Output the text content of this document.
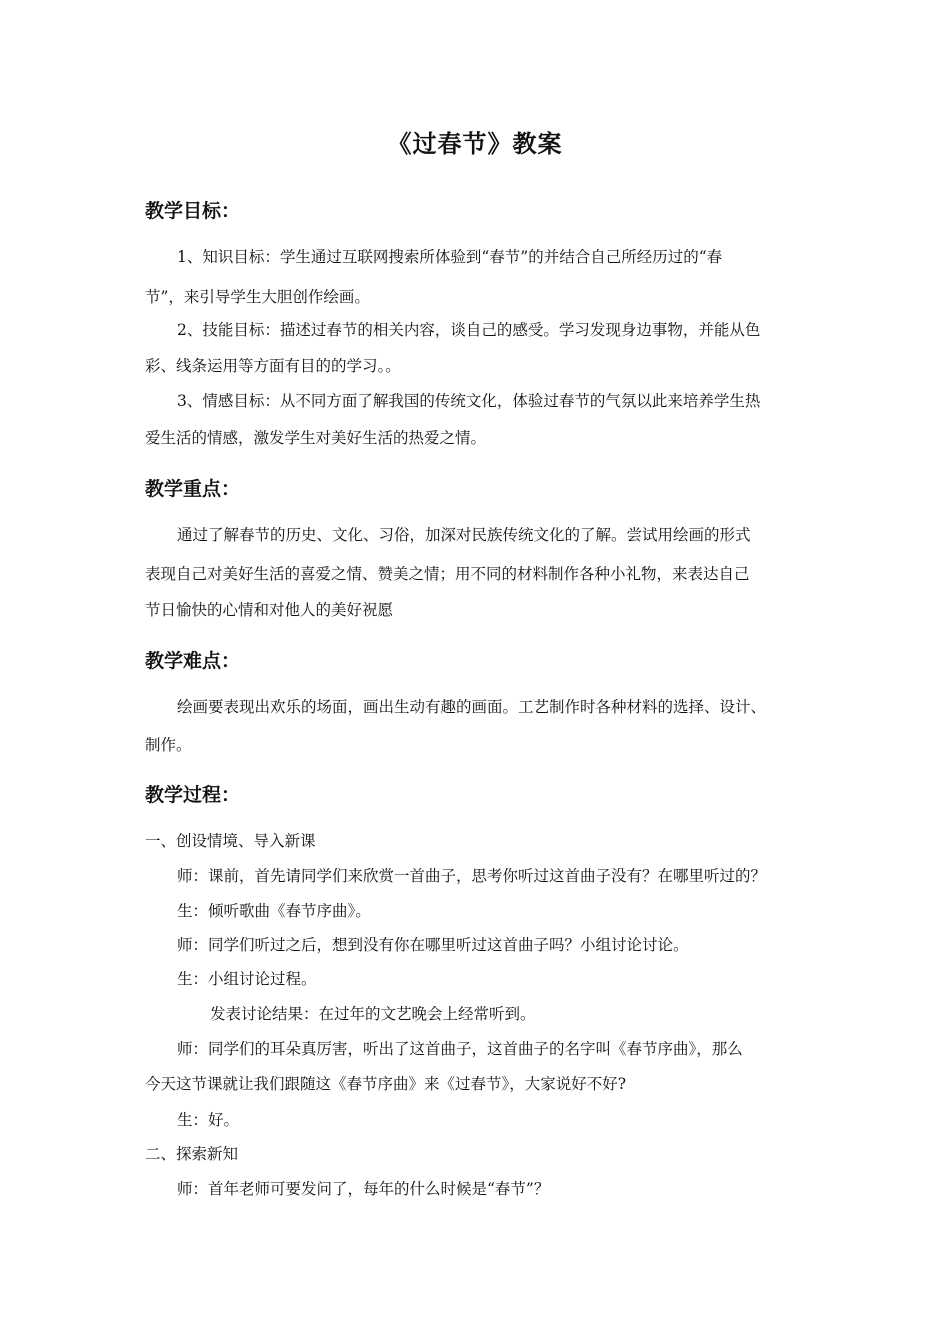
《过春节》教案
教学目标：
1、知识目标：学生通过互联网搜索所体验到“春节”的并结合自己所经历过的“春
节”，来引导学生大胆创作绘画。
2、技能目标：描述过春节的相关内容，谈自己的感受。学习发现身边事物，并能从色
彩、线条运用等方面有目的的学习。。
3、情感目标：从不同方面了解我国的传统文化，体验过春节的气氛以此来培养学生热
爱生活的情感，激发学生对美好生活的热爱之情。
教学重点：
通过了解春节的历史、文化、习俗，加深对民族传统文化的了解。尝试用绘画的形式
表现自己对美好生活的喜爱之情、赞美之情；用不同的材料制作各种小礼物，来表达自己
节日愉快的心情和对他人的美好祝愿
教学难点：
绘画要表现出欢乐的场面，画出生动有趣的画面。工艺制作时各种材料的选择、设计、
制作。
教学过程：
一、创设情境、导入新课
师：课前，首先请同学们来欣赏一首曲子，思考你听过这首曲子没有？在哪里听过的？
生：倾听歌曲《春节序曲》。
师：同学们听过之后，想到没有你在哪里听过这首曲子吗？小组讨论讨论。
生：小组讨论过程。
发表讨论结果：在过年的文艺晚会上经常听到。
师：同学们的耳朵真厉害，听出了这首曲子，这首曲子的名字叫《春节序曲》，那么
今天这节课就让我们跟随这《春节序曲》来《过春节》，大家说好不好?
生：好。
二、探索新知
师：首年老师可要发问了，每年的什么时候是“春节”？
